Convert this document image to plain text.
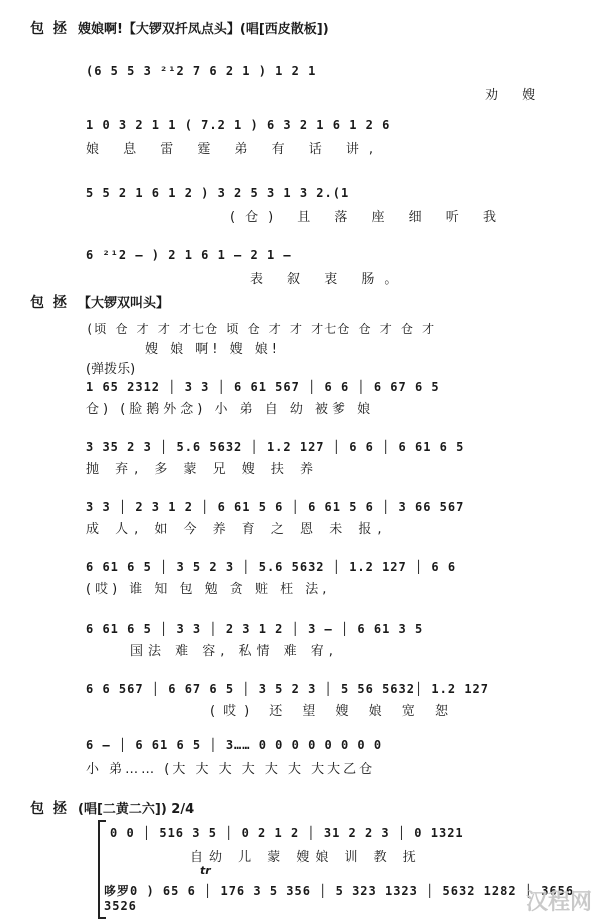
包 拯 嫂娘啊!【大锣双扦凤点头】(唱[西皮散板])
(6 5 5 3 ²¹2 7 6 2 1 ) 1 2 1
劝 嫂
1 0 3 2 1 1 ( 7.2 1 ) 6 3 2 1 6 1 2 6
娘 息 雷 霆 弟 有 话 讲,
5 5 2 1 6 1 2 ) 3 2 5 3 1 3 2.(1
(仓) 且 落 座 细 听 我
6 ²¹2 – ) 2 1 6 1 – 2 1 –
表 叙 衷 肠。
包 拯 【大锣双叫头】
(顷 仓 才 才 才七仓 顷 仓 才 才 才七仓 仓 才 仓 才
嫂 娘 啊! 嫂 娘!
(弹拨乐)
1 65 2312 │ 3 3 │ 6 61 567 │ 6 6 │ 6 67 6 5
仓) (脸鹅外念) 小 弟 自 幼 被爹 娘
3 35 2 3 │ 5.6 5632 │ 1.2 127 │ 6 6 │ 6 61 6 5
抛 弃, 多 蒙 兄 嫂 扶 养
3 3 │ 2 3 1 2 │ 6 61 5 6 │ 6 61 5 6 │ 3 66 567
成 人, 如 今 养 育 之 恩 未 报,
6 61 6 5 │ 3 5 2 3 │ 5.6 5632 │ 1.2 127 │ 6 6
(哎) 谁 知 包 勉 贪 赃 枉 法,
6 61 6 5 │ 3 3 │ 2 3 1 2 │ 3 – │ 6 61 3 5
国法 难 容, 私情 难 宥,
6 6 567 │ 6 67 6 5 │ 3 5 2 3 │ 5 56 5632│ 1.2 127
(哎) 还 望 嫂 娘 宽 恕
6 – │ 6 61 6 5 │ 3…… 0 0 0 0 0 0 0 0
小 弟…… (大 大 大 大 大 大 大大乙仓
包 拯 (唱[二黄二六]) 2/4
0 0 │ 516 3 5 │ 0 2 1 2 │ 31 2 2 3 │ 0 1321
自幼 儿 蒙 嫂娘 训 教 抚
tr
哆罗0 ) 65 6 │ 176 3 5 356 │ 5 323 1323 │ 5632 1282 │ 3656 3526	汉程网
